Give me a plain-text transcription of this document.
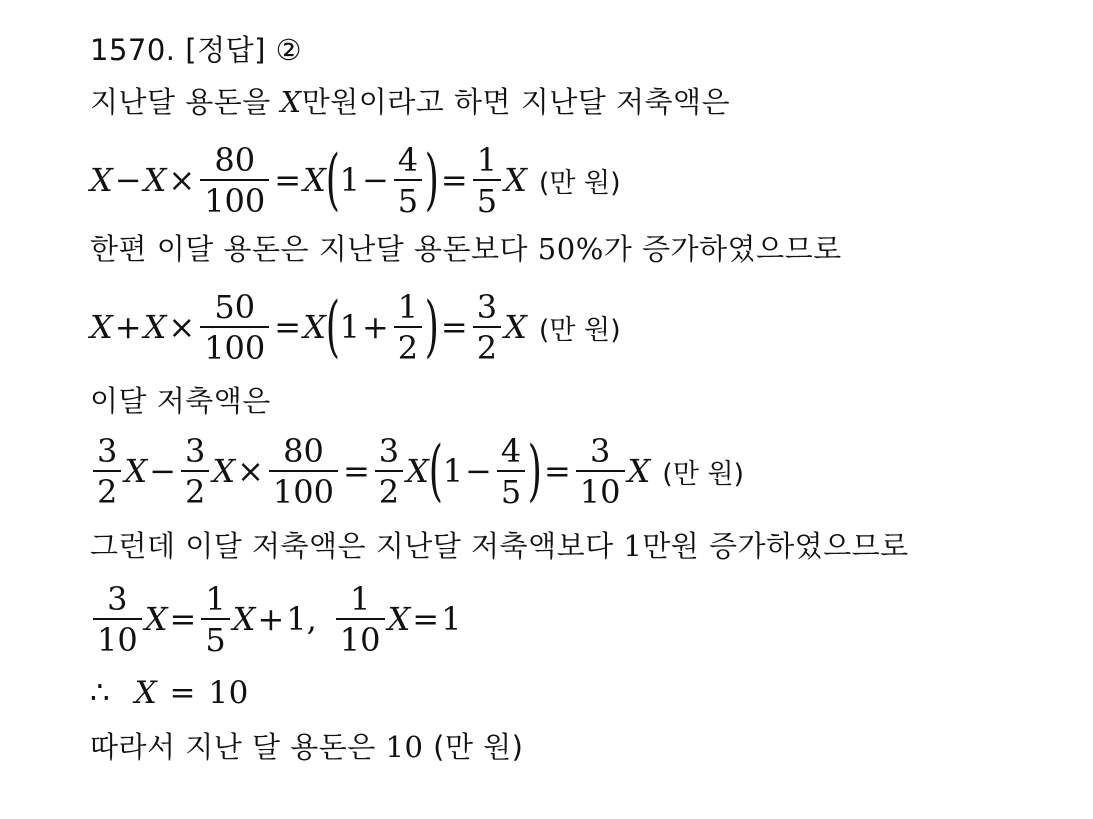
1570. [정답] ②
지난달 용돈을 X만원이라고 하면 지난달 저축액은
$X - X \times \frac{80}{100} = X$ ( $1 - \frac{4}{5}$ ) = $\frac{1}{5}$ X (만 원)
한편 이달 용돈은 지난달 용돈보다 50%가 증가하였으므로
$X + X \times \frac{50}{100} = X$ ( $1 + \frac{1}{2}$ ) = $\frac{3}{2}$ X (만 원)
이달 저축액은
$\frac{3}{2}$ $X - \frac{3}{2}$ $X \times \frac{80}{100} = \frac{3}{2}$ X ( $1 - \frac{4}{5}$ ) = $\frac{3}{10}$ X (만 원)
그런데 이달 저축액은 지난달 저축액보다 1만원 증가하였으므로
$\frac{3}{10}$ $X = \frac{1}{5}$ X + 1 , $\frac{1}{10}$ X = 1
∴ X = 10
따라서 지난 달 용돈은 10 (만 원)
